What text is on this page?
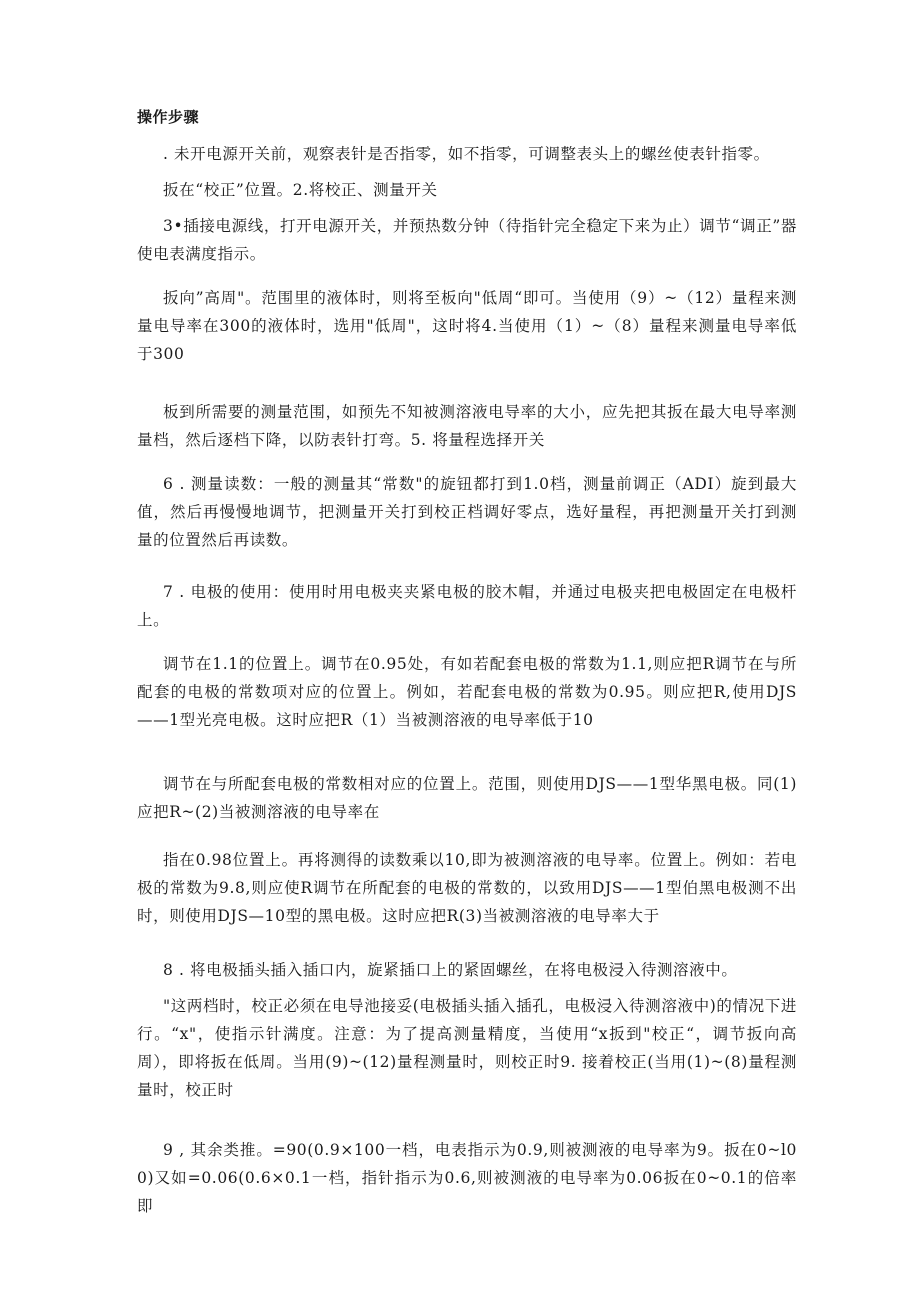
操作步骤

. 未开电源开关前，观察表针是否指零，如不指零，可调整表头上的螺丝使表针指零。

扳在“校正”位置。2.将校正、测量开关

3•插接电源线，打开电源开关，并预热数分钟（待指针完全稳定下来为止）调节“调正”器使电表满度指示。

扳向”高周"。范围里的液体时，则将至板向"低周“即可。当使用（9）~（12）量程来测量电导率在300的液体时，选用"低周"，这时将4.当使用（1）~（8）量程来测量电导率低于300

板到所需要的测量范围，如预先不知被测溶液电导率的大小，应先把其扳在最大电导率测量档，然后逐档下降，以防表针打弯。5. 将量程选择开关

6 . 测量读数：一般的测量其“常数"的旋钮都打到1.0档，测量前调正（ADI）旋到最大值，然后再慢慢地调节，把测量开关打到校正档调好零点，选好量程，再把测量开关打到测量的位置然后再读数。

7 . 电极的使用：使用时用电极夹夹紧电极的胶木帽，并通过电极夹把电极固定在电极杆上。

调节在1.1的位置上。调节在0.95处，有如若配套电极的常数为1.1,则应把R调节在与所配套的电极的常数项对应的位置上。例如，若配套电极的常数为0.95。则应把R,使用DJS——1型光亮电极。这时应把R（1）当被测溶液的电导率低于10

调节在与所配套电极的常数相对应的位置上。范围，则使用DJS——1型华黑电极。同(1)应把R~(2)当被测溶液的电导率在

指在0.98位置上。再将测得的读数乘以10,即为被测溶液的电导率。位置上。例如：若电极的常数为9.8,则应使R调节在所配套的电极的常数的，以致用DJS——1型伯黑电极测不出时，则使用DJS—10型的黑电极。这时应把R(3)当被测溶液的电导率大于

8 . 将电极插头插入插口内，旋紧插口上的紧固螺丝，在将电极浸入待测溶液中。

"这两档时，校正必须在电导池接妥(电极插头插入插孔，电极浸入待测溶液中)的情况下进行。“x"，使指示针满度。注意：为了提高测量精度，当使用“x扳到"校正“，调节扳向高周），即将扳在低周。当用(9)~(12)量程测量时，则校正时9. 接着校正(当用(1)~(8)量程测量时，校正时

9 , 其余类推。=90(0.9×100一档，电表指示为0.9,则被测液的电导率为9。扳在0~l00)又如=0.06(0.6×0.1一档，指针指示为0.6,则被测液的电导率为0.06扳在0~0.1的倍率即
